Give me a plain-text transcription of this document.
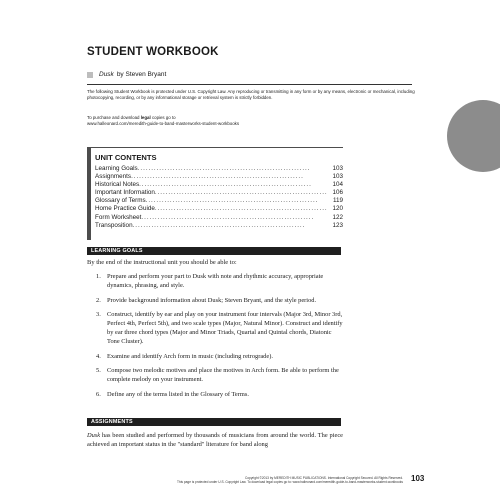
STUDENT WORKBOOK
Dusk by Steven Bryant
The following Student Workbook is protected under U.S. Copyright Law. Any reproducing or transmitting in any form or by any means, electronic or mechanical, including photocopying, recording, or by any informational storage or retrieval system is strictly forbidden.
To purchase and download legal copies go to
www.halleonard.com/meredith-guide-to-band-masterworks-student-workbooks
UNIT CONTENTS
Learning Goals . . .	103
Assignments . . .	103
Historical Notes . . .	104
Important Information . . .	106
Glossary of Terms . . .	119
Home Practice Guide . . .	120
Form Worksheet . . .	122
Transposition . . .	123
LEARNING GOALS
By the end of the instructional unit you should be able to:
1. Prepare and perform your part to Dusk with note and rhythmic accuracy, appropriate dynamics, phrasing, and style.
2. Provide background information about Dusk; Steven Bryant, and the style period.
3. Construct, identify by ear and play on your instrument four intervals (Major 3rd, Minor 3rd, Perfect 4th, Perfect 5th), and two scale types (Major, Natural Minor). Construct and identify by ear three chord types (Major and Minor Triads, Quartal and Quintal chords, Diatonic Tone Cluster).
4. Examine and identify Arch form in music (including retrograde).
5. Compose two melodic motives and place the motives in Arch form. Be able to perform the complete melody on your instrument.
6. Define any of the terms listed in the Glossary of Terms.
ASSIGNMENTS
Dusk has been studied and performed by thousands of musicians from around the world. The piece achieved an important status in the "standard" literature for band along
Copyright ©2013 by MEREDITH MUSIC PUBLICATIONS. International Copyright Secured. All Rights Reserved.
This page is protected under U.S. Copyright Law. To download legal copies go to: www.halleonard.com/meredith-guide-to-band-masterworks-student-workbooks 103
